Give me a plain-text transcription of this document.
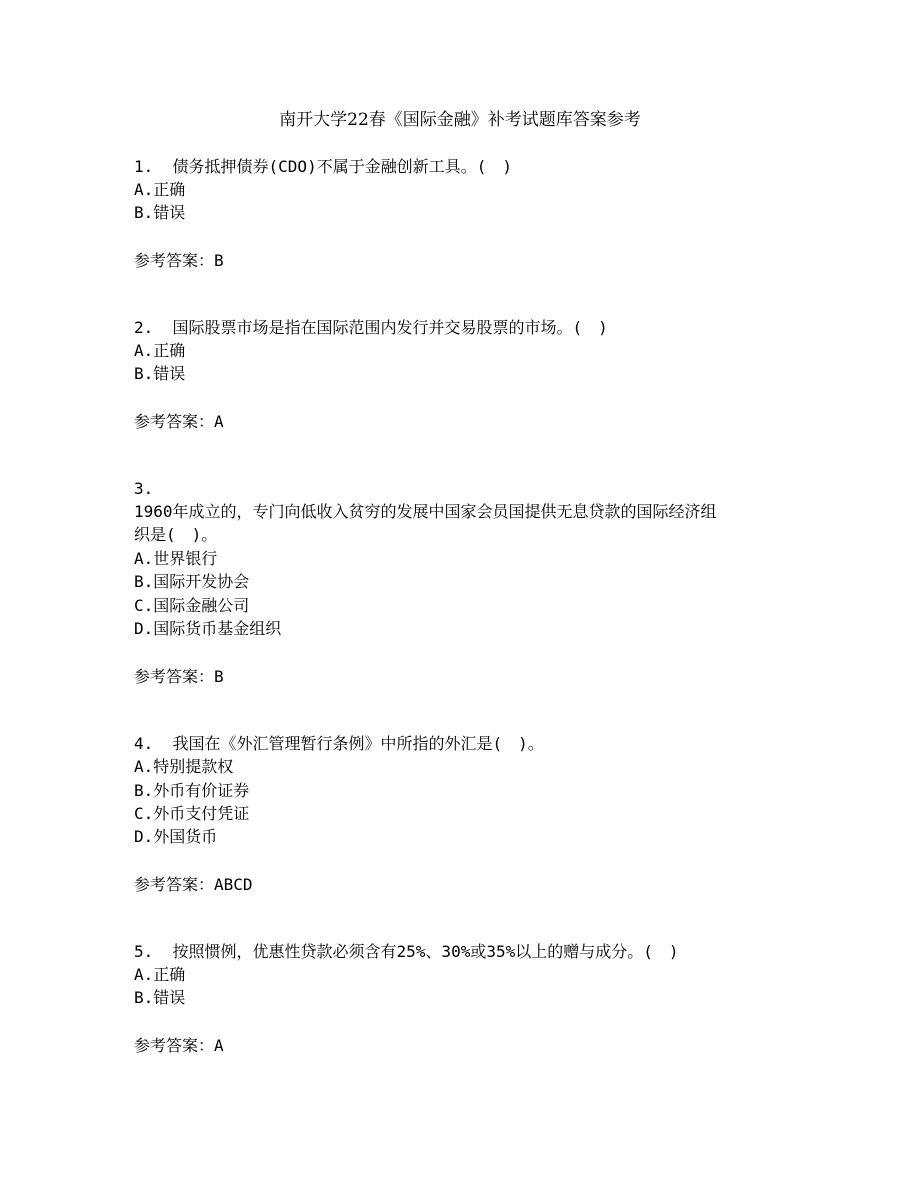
南开大学22春《国际金融》补考试题库答案参考
1. 债务抵押债券(CDO)不属于金融创新工具。(　)
A.正确
B.错误
参考答案：B
2. 国际股票市场是指在国际范围内发行并交易股票的市场。(　)
A.正确
B.错误
参考答案：A
3.
1960年成立的，专门向低收入贫穷的发展中国家会员国提供无息贷款的国际经济组
织是(　)。
A.世界银行
B.国际开发协会
C.国际金融公司
D.国际货币基金组织
参考答案：B
4. 我国在《外汇管理暂行条例》中所指的外汇是(　)。
A.特别提款权
B.外币有价证券
C.外币支付凭证
D.外国货币
参考答案：ABCD
5. 按照惯例，优惠性贷款必须含有25%、30%或35%以上的赠与成分。(　)
A.正确
B.错误
参考答案：A
